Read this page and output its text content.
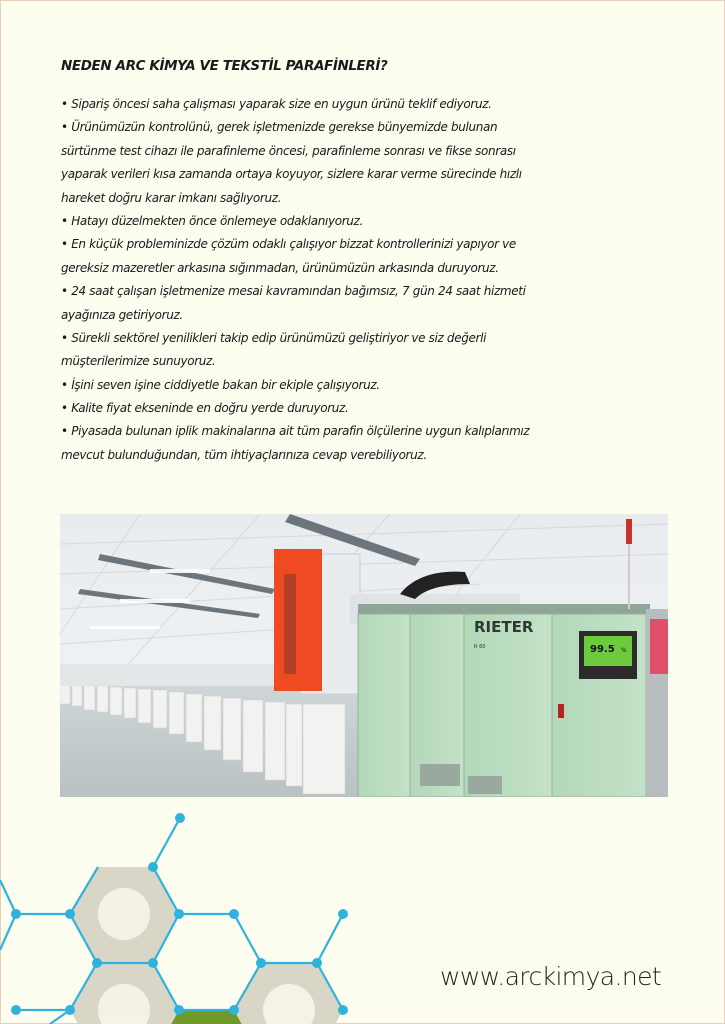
NEDEN ARC KİMYA VE TEKSTİL PARAFİNLERİ?
• Sipariş öncesi saha çalışması yaparak size en uygun ürünü teklif ediyoruz.
• Ürünümüzün kontrolünü, gerek işletmenizde gerekse bünyemizde bulunan
sürtünme test cihazı ile parafinleme öncesi, parafinleme sonrası ve fikse sonrası
yaparak verileri kısa zamanda ortaya koyuyor, sizlere karar verme sürecinde hızlı
hareket doğru karar imkanı sağlıyoruz.
• Hatayı düzelmekten önce önlemeye odaklanıyoruz.
• En küçük probleminizde çözüm odaklı çalışıyor bizzat kontrollerinizi yapıyor ve
gereksiz mazeretler arkasına sığınmadan, ürünümüzün arkasında duruyoruz.
• 24 saat çalışan işletmenize mesai kavramından bağımsız, 7 gün 24 saat hizmeti
ayağınıza getiriyoruz.
• Sürekli sektörel yenilikleri takip edip ürünümüzü geliştiriyor ve siz değerli
müşterilerimize sunuyoruz.
• İşini seven işine ciddiyetle bakan bir ekiple çalışıyoruz.
• Kalite fiyat ekseninde en doğru yerde duruyoruz.
• Piyasada bulunan iplik makinalarına ait tüm parafin ölçülerine uygun kalıplarımız
mevcut bulunduğundan, tüm ihtiyaçlarınıza cevap verebiliyoruz.
RIETER
R 60	99.5 %
www.arckimya.net
